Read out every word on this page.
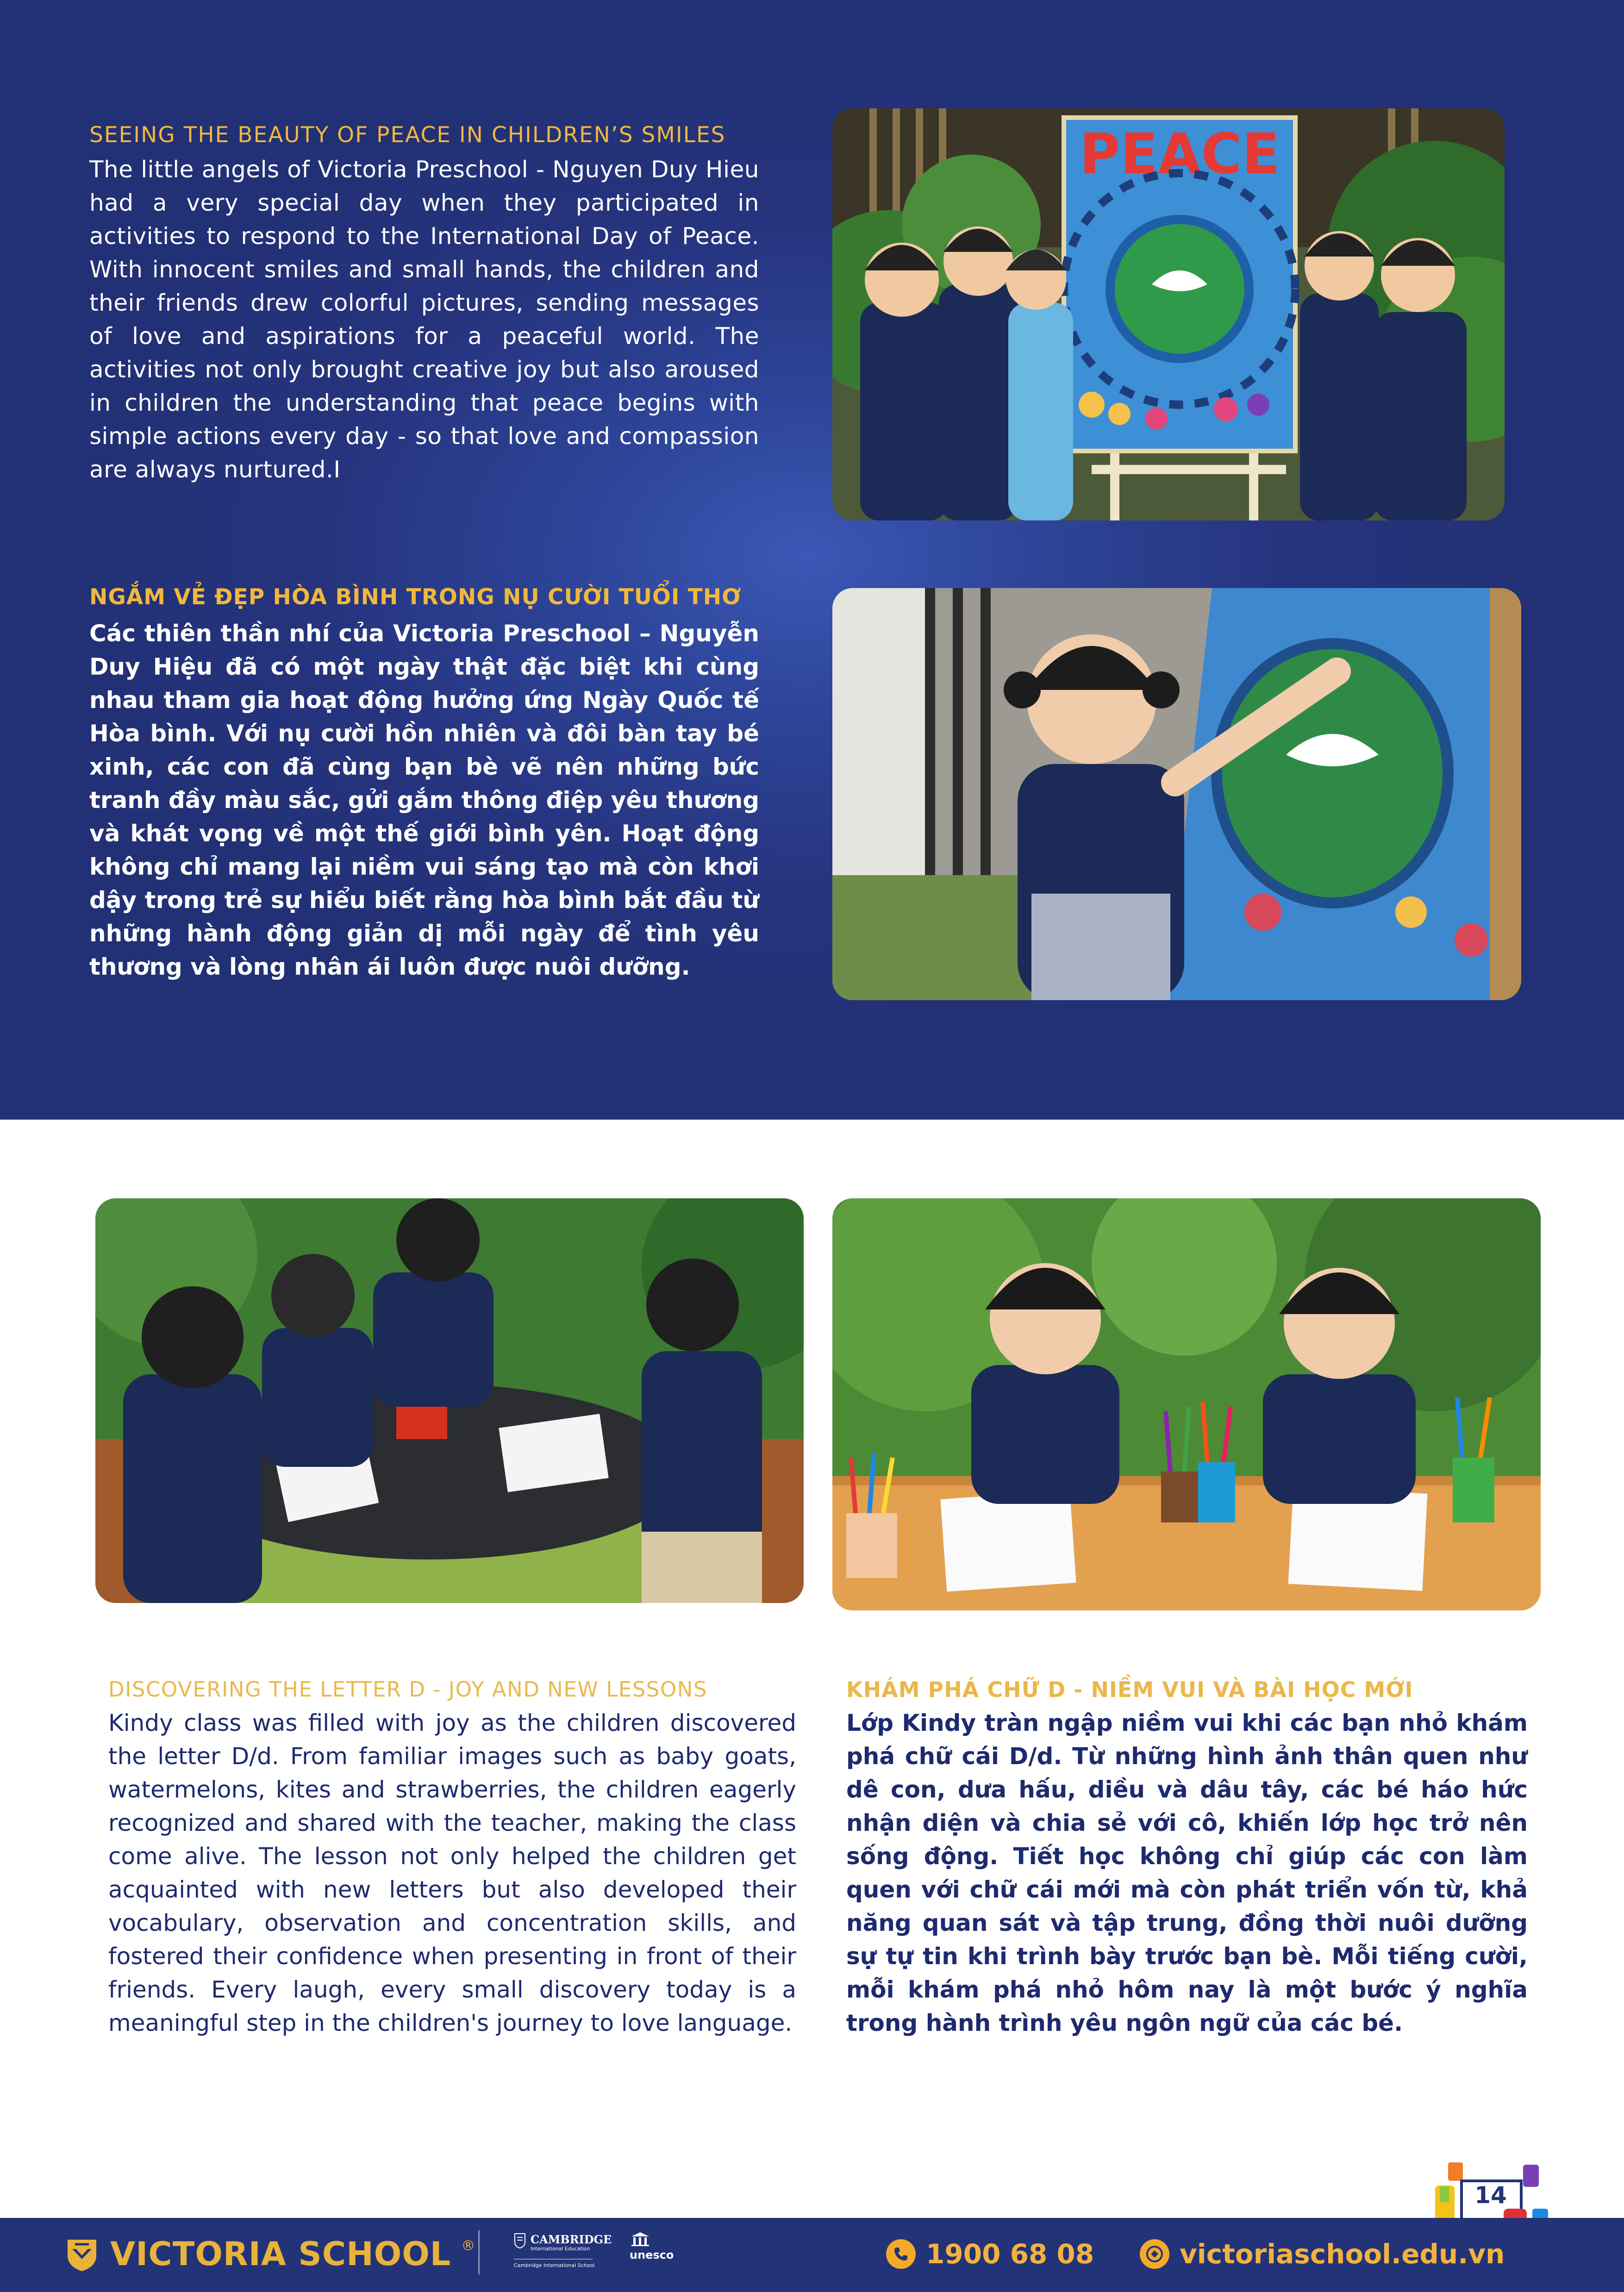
SEEING THE BEAUTY OF PEACE IN CHILDREN’S SMILES

The little angels of Victoria Preschool - Nguyen Duy Hieu had a very special day when they participated in activities to respond to the International Day of Peace. With innocent smiles and small hands, the children and their friends drew colorful pictures, sending messages of love and aspirations for a peaceful world. The activities not only brought creative joy but also aroused in children the understanding that peace begins with simple actions every day - so that love and compassion are always nurtured.I

NGẮM VẺ ĐẸP HÒA BÌNH TRONG NỤ CƯỜI TUỔI THƠ

Các thiên thần nhí của Victoria Preschool – Nguyễn Duy Hiệu đã có một ngày thật đặc biệt khi cùng nhau tham gia hoạt động hưởng ứng Ngày Quốc tế Hòa bình. Với nụ cười hồn nhiên và đôi bàn tay bé xinh, các con đã cùng bạn bè vẽ nên những bức tranh đầy màu sắc, gửi gắm thông điệp yêu thương và khát vọng về một thế giới bình yên. Hoạt động không chỉ mang lại niềm vui sáng tạo mà còn khơi dậy trong trẻ sự hiểu biết rằng hòa bình bắt đầu từ những hành động giản dị mỗi ngày để tình yêu thương và lòng nhân ái luôn được nuôi dưỡng.

PEACE
DISCOVERING THE LETTER D - JOY AND NEW LESSONS

Kindy class was filled with joy as the children discovered the letter D/d. From familiar images such as baby goats, watermelons, kites and strawberries, the children eagerly recognized and shared with the teacher, making the class come alive. The lesson not only helped the children get acquainted with new letters but also developed their vocabulary, observation and concentration skills, and fostered their confidence when presenting in front of their friends. Every laugh, every small discovery today is a meaningful step in the children's journey to love language.

KHÁM PHÁ CHỮ D - NIỀM VUI VÀ BÀI HỌC MỚI

Lớp Kindy tràn ngập niềm vui khi các bạn nhỏ khám phá chữ cái D/d. Từ những hình ảnh thân quen như dê con, dưa hấu, diều và dâu tây, các bé háo hức nhận diện và chia sẻ với cô, khiến lớp học trở nên sống động. Tiết học không chỉ giúp các con làm quen với chữ cái mới mà còn phát triển vốn từ, khả năng quan sát và tập trung, đồng thời nuôi dưỡng sự tự tin khi trình bày trước bạn bè. Mỗi tiếng cười, mỗi khám phá nhỏ hôm nay là một bước ý nghĩa trong hành trình yêu ngôn ngữ của các bé.

14
VICTORIA SCHOOL ®	CAMBRIDGE
International Education
Cambridge International School
unesco	1900 68 08	victoriaschool.edu.vn
